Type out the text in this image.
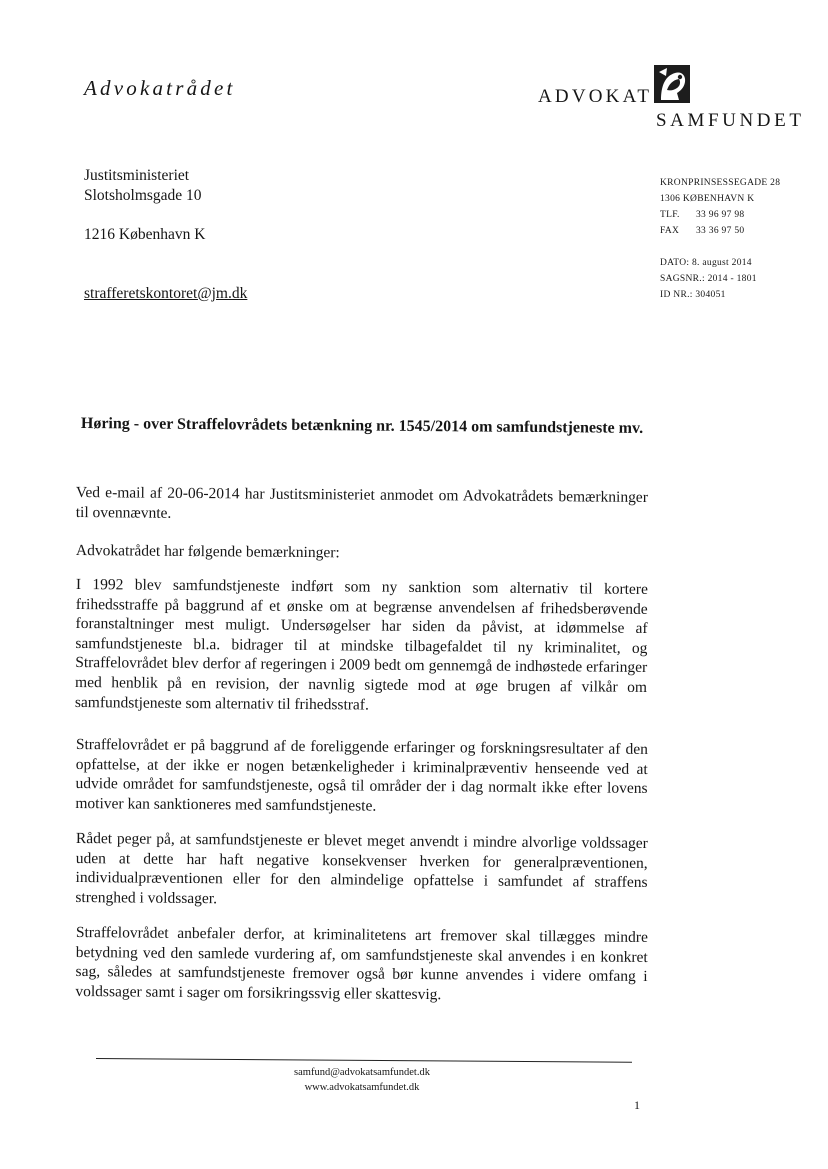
Advokatrådet	ADVOKAT
SAMFUNDET
Justitsministeriet
Slotsholmsgade 10
1216 København K
strafferetskontoret@jm.dk
KRONPRINSESSEGADE 28
1306 KØBENHAVN K
TLF. 33 96 97 98
FAX 33 36 97 50
DATO: 8. august 2014
SAGSNR.: 2014 - 1801
ID NR.: 304051
Høring - over Straffelovrådets betænkning nr. 1545/2014 om samfundstjeneste mv.

Ved e-mail af 20-06-2014 har Justitsministeriet anmodet om Advokatrådets bemærkninger til ovennævnte.

Advokatrådet har følgende bemærkninger:

I 1992 blev samfundstjeneste indført som ny sanktion som alternativ til kortere frihedsstraffe på baggrund af et ønske om at begrænse anvendelsen af frihedsberøvende foranstaltninger mest muligt. Undersøgelser har siden da påvist, at idømmelse af samfundstjeneste bl.a. bidrager til at mindske tilbagefaldet til ny kriminalitet, og Straffelovrådet blev derfor af regeringen i 2009 bedt om gennemgå de indhøstede erfaringer med henblik på en revision, der navnlig sigtede mod at øge brugen af vilkår om samfundstjeneste som alternativ til frihedsstraf.

Straffelovrådet er på baggrund af de foreliggende erfaringer og forskningsresultater af den opfattelse, at der ikke er nogen betænkeligheder i kriminalpræventiv henseende ved at udvide området for samfundstjeneste, også til områder der i dag normalt ikke efter lovens motiver kan sanktioneres med samfundstjeneste.

Rådet peger på, at samfundstjeneste er blevet meget anvendt i mindre alvorlige voldssager uden at dette har haft negative konsekvenser hverken for generalpræventionen, individualpræventionen eller for den almindelige opfattelse i samfundet af straffens strenghed i voldssager.

Straffelovrådet anbefaler derfor, at kriminalitetens art fremover skal tillægges mindre betydning ved den samlede vurdering af, om samfundstjeneste skal anvendes i en konkret sag, således at samfundstjeneste fremover også bør kunne anvendes i videre omfang i voldssager samt i sager om forsikringssvig eller skattesvig.

samfund@advokatsamfundet.dk
www.advokatsamfundet.dk
1
